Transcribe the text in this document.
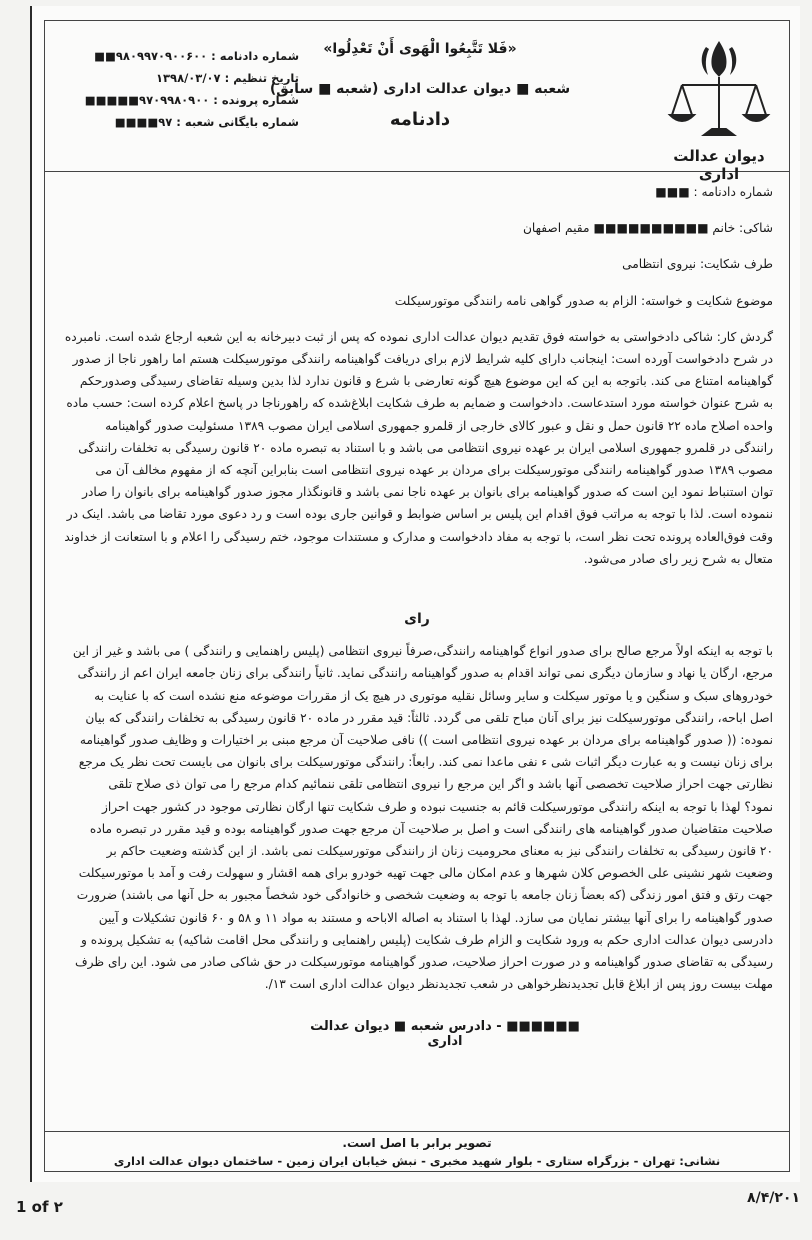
شماره دادنامه : ۹۸۰۹۹۷۰۹۰۰۶۰۰■■
تاریخ تنظیم : ۱۳۹۸/۰۳/۰۷
شماره پرونده : ۹۷۰۹۹۸۰۹۰۰■■■■■
شماره بایگانی شعبه : ۹۷■■■■
«فَلا تَتَّبِعُوا الْهَوى أَنْ تَعْدِلُوا»
شعبه ■ دیوان عدالت اداری (شعبه ■ سابق)
دادنامه
دیوان عدالت اداری

شماره دادنامه : ■■■

شاکی: خانم ■■■■■■■■■■ مقیم اصفهان

طرف شکایت: نیروی انتظامی

موضوع شکایت و خواسته: الزام به صدور گواهی نامه رانندگی موتورسیکلت

گردش کار: شاکی دادخواستی به خواسته فوق تقدیم دیوان عدالت اداری نموده که پس از ثبت دبیرخانه به این شعبه ارجاع شده است. نامبرده

در شرح دادخواست آورده است: اینجانب دارای کلیه شرایط لازم برای دریافت گواهینامه رانندگی موتورسیکلت هستم اما راهور ناجا از صدور

گواهینامه امتناع می کند. باتوجه به این که این موضوع هیچ گونه تعارضی با شرع و قانون ندارد لذا بدین وسیله تقاضای رسیدگی وصدورحکم

به شرح عنوان خواسته مورد استدعاست. دادخواست و ضمایم به طرف شکایت ابلاغ‌شده که راهورناجا در پاسخ اعلام کرده است: حسب ماده

واحده اصلاح ماده ۲۲ قانون حمل و نقل و عبور کالای خارجی از قلمرو جمهوری اسلامی ایران مصوب ۱۳۸۹ مسئولیت صدور گواهینامه

رانندگی در قلمرو جمهوری اسلامی ایران بر عهده نیروی انتظامی می باشد و با استناد به تبصره ماده ۲۰ قانون رسیدگی به تخلفات رانندگی

مصوب ۱۳۸۹ صدور گواهینامه رانندگی موتورسیکلت برای مردان بر عهده نیروی انتظامی است بنابراین آنچه که از مفهوم مخالف آن می

توان استنباط نمود این است که صدور گواهینامه برای بانوان بر عهده ناجا نمی باشد و قانونگذار مجوز صدور گواهینامه برای بانوان را صادر

ننموده است. لذا با توجه به مراتب فوق اقدام این پلیس بر اساس ضوابط و قوانین جاری بوده است و رد دعوی مورد تقاضا می باشد. اینک در

وقت فوق‌العاده پرونده تحت نظر است، با توجه به مفاد دادخواست و مدارک و مستندات موجود، ختم رسیدگی را اعلام و با استعانت از خداوند

متعال به شرح زیر رای صادر می‌شود.

رای

با توجه به اینکه اولاً مرجع صالح برای صدور انواع گواهینامه رانندگی،صرفاً نیروی انتظامی (پلیس راهنمایی و رانندگی ) می باشد و غیر از این

مرجع، ارگان یا نهاد و سازمان دیگری نمی تواند اقدام به صدور گواهینامه رانندگی نماید. ثانیاً رانندگی برای زنان جامعه ایران اعم از رانندگی

خودروهای سبک و سنگین و یا موتور سیکلت و سایر وسائل نقلیه موتوری در هیچ یک از مقررات موضوعه منع نشده است که با عنایت به

اصل اباحه، رانندگی موتورسیکلت نیز برای آنان مباح تلقی می گردد. ثالثاً: قید مقرر در ماده ۲۰ قانون رسیدگی به تخلفات رانندگی که بیان

نموده: (( صدور گواهینامه برای مردان بر عهده نیروی انتظامی است )) نافی صلاحیت آن مرجع مبنی بر اختیارات و وظایف صدور گواهینامه

برای زنان نیست و به عبارت دیگر اثبات شی ء نفی ماعدا نمی کند. رابعاً: رانندگی موتورسیکلت برای بانوان می بایست تحت نظر یک مرجع

نظارتی جهت احراز صلاحیت تخصصی آنها باشد و اگر این مرجع را نیروی انتظامی تلقی ننمائیم کدام مرجع را می توان ذی صلاح تلقی

نمود؟ لهذا با توجه به اینکه رانندگی موتورسیکلت قائم به جنسیت نبوده و طرف شکایت تنها ارگان نظارتی موجود در کشور جهت احراز

صلاحیت متقاضیان صدور گواهینامه های رانندگی است و اصل بر صلاحیت آن مرجع جهت صدور گواهینامه بوده و قید مقرر در تبصره ماده

۲۰ قانون رسیدگی به تخلفات رانندگی نیز به معنای محرومیت زنان از رانندگی موتورسیکلت نمی باشد. از این گذشته وضعیت حاکم بر

وضعیت شهر نشینی علی الخصوص کلان شهرها و عدم امکان مالی جهت تهیه خودرو برای همه اقشار و سهولت رفت و آمد با موتورسیکلت

جهت رتق و فتق امور زندگی (که بعضاً زنان جامعه با توجه به وضعیت شخصی و خانوادگی خود شخصاً مجبور به حل آنها می باشند) ضرورت

صدور گواهینامه را برای آنها بیشتر نمایان می سازد. لهذا با استناد به اصاله الاباحه و مستند به مواد ۱۱ و ۵۸ و ۶۰ قانون تشکیلات و آیین

دادرسی دیوان عدالت اداری حکم به ورود شکایت و الزام طرف شکایت (پلیس راهنمایی و رانندگی محل اقامت شاکیه) به تشکیل پرونده و

رسیدگی به تقاضای صدور گواهینامه و در صورت احراز صلاحیت، صدور گواهینامه موتورسیکلت در حق شاکی صادر می شود. این رای ظرف

مهلت بیست روز پس از ابلاغ قابل تجدیدنظرخواهی در شعب تجدیدنظر دیوان عدالت اداری است ۱۳/.

■■■■■■ - دادرس شعبه ■ دیوان عدالت اداری
تصویر برابر با اصل است.
نشانی: تهران - بزرگراه ستاری - بلوار شهید مخبری - نبش خیابان ایران زمین - ساختمان دیوان عدالت اداری
1 of ٢	۸/۴/۲۰۱
